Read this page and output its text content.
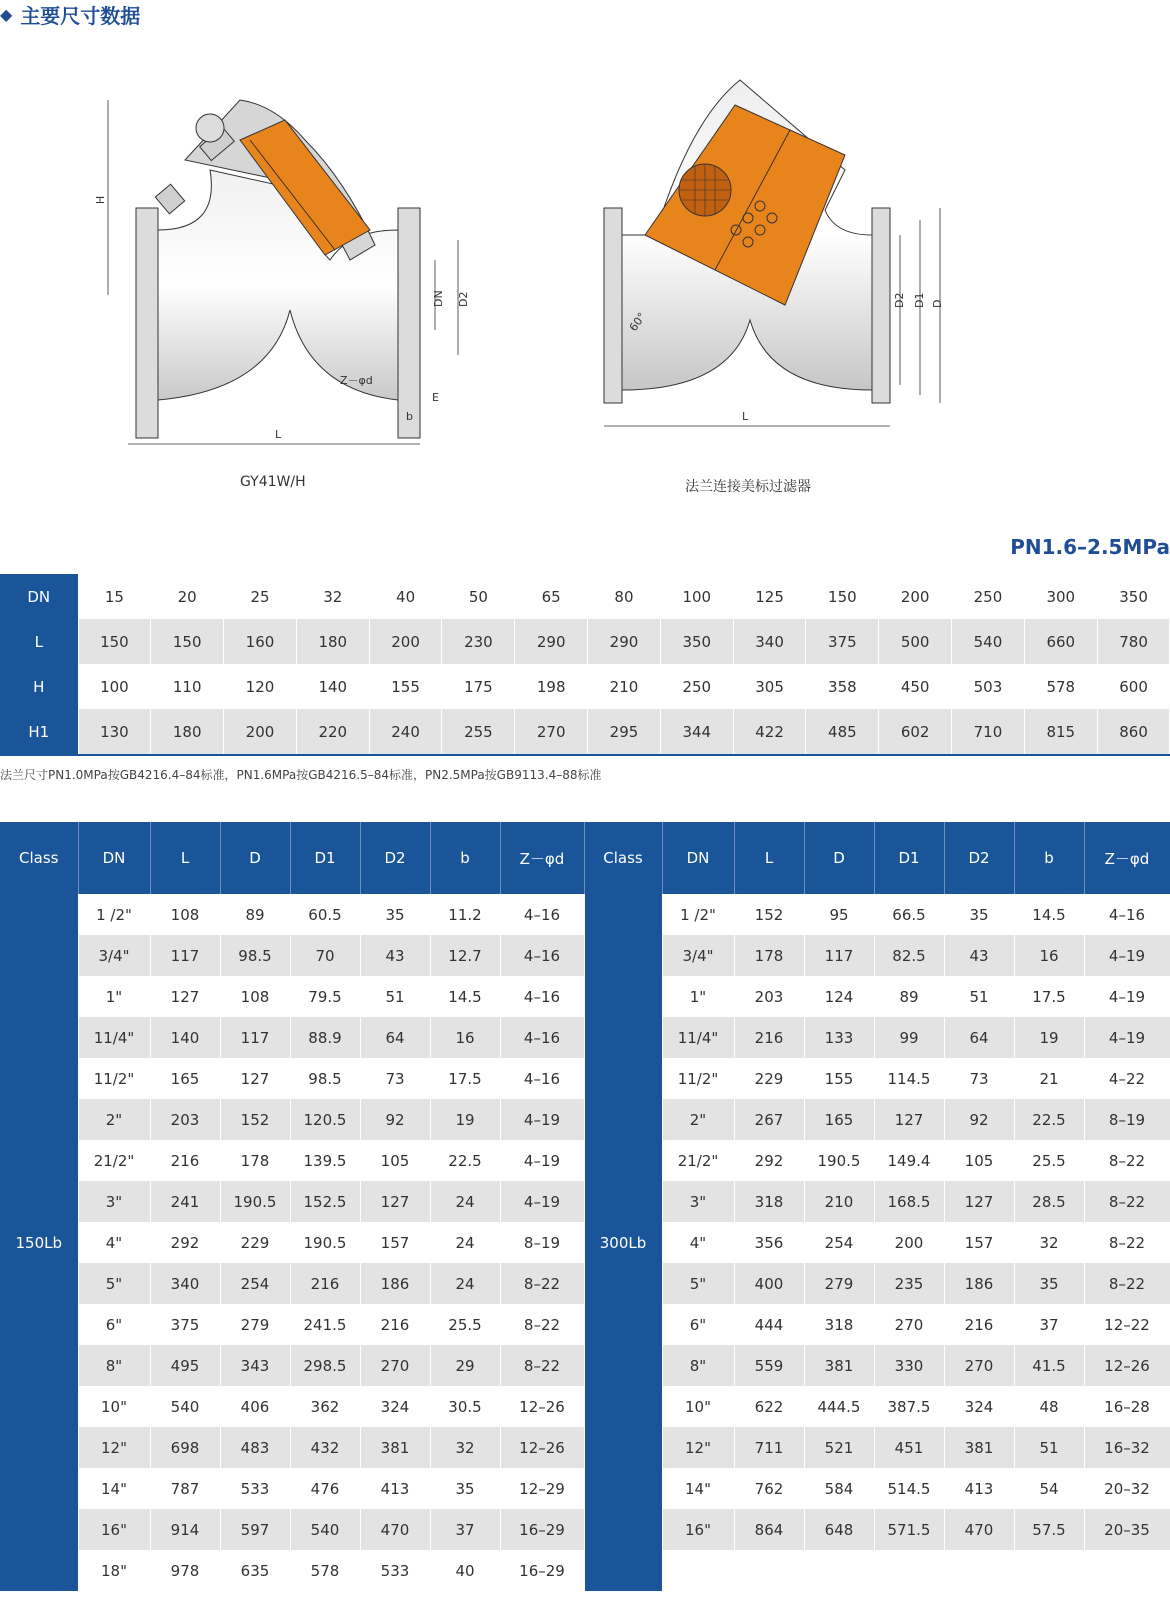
◆ 主要尺寸数据
H
DN D2
L
Z－φd
b
E
GY41W/H
60°
D2 D1 D
L
法兰连接美标过滤器
PN1.6–2.5MPa
DN	15	20	25	32	40	50	65	80	100	125	150	200	250	300	350
L	150	150	160	180	200	230	290	290	350	340	375	500	540	660	780
H	100	110	120	140	155	175	198	210	250	305	358	450	503	578	600
H1	130	180	200	220	240	255	270	295	344	422	485	602	710	815	860
法兰尺寸PN1.0MPa按GB4216.4–84标准，PN1.6MPa按GB4216.5–84标准，PN2.5MPa按GB9113.4–88标准
Class	DN	L	D	D1	D2	b	Z－φd	Class	DN	L	D	D1	D2	b	Z－φd
150Lb	1 /2"	108	89	60.5	35	11.2	4–16	300Lb	1 /2"	152	95	66.5	35	14.5	4–16
	3/4"	117	98.5	70	43	12.7	4–16		3/4"	178	117	82.5	43	16	4–19
	1"	127	108	79.5	51	14.5	4–16		1"	203	124	89	51	17.5	4–19
	11/4"	140	117	88.9	64	16	4–16		11/4"	216	133	99	64	19	4–19
	11/2"	165	127	98.5	73	17.5	4–16		11/2"	229	155	114.5	73	21	4–22
	2"	203	152	120.5	92	19	4–19		2"	267	165	127	92	22.5	8–19
	21/2"	216	178	139.5	105	22.5	4–19		21/2"	292	190.5	149.4	105	25.5	8–22
	3"	241	190.5	152.5	127	24	4–19		3"	318	210	168.5	127	28.5	8–22
	4"	292	229	190.5	157	24	8–19		4"	356	254	200	157	32	8–22
	5"	340	254	216	186	24	8–22		5"	400	279	235	186	35	8–22
	6"	375	279	241.5	216	25.5	8–22		6"	444	318	270	216	37	12–22
	8"	495	343	298.5	270	29	8–22		8"	559	381	330	270	41.5	12–26
	10"	540	406	362	324	30.5	12–26		10"	622	444.5	387.5	324	48	16–28
	12"	698	483	432	381	32	12–26		12"	711	521	451	381	51	16–32
	14"	787	533	476	413	35	12–29		14"	762	584	514.5	413	54	20–32
	16"	914	597	540	470	37	16–29		16"	864	648	571.5	470	57.5	20–35
	18"	978	635	578	533	40	16–29								
